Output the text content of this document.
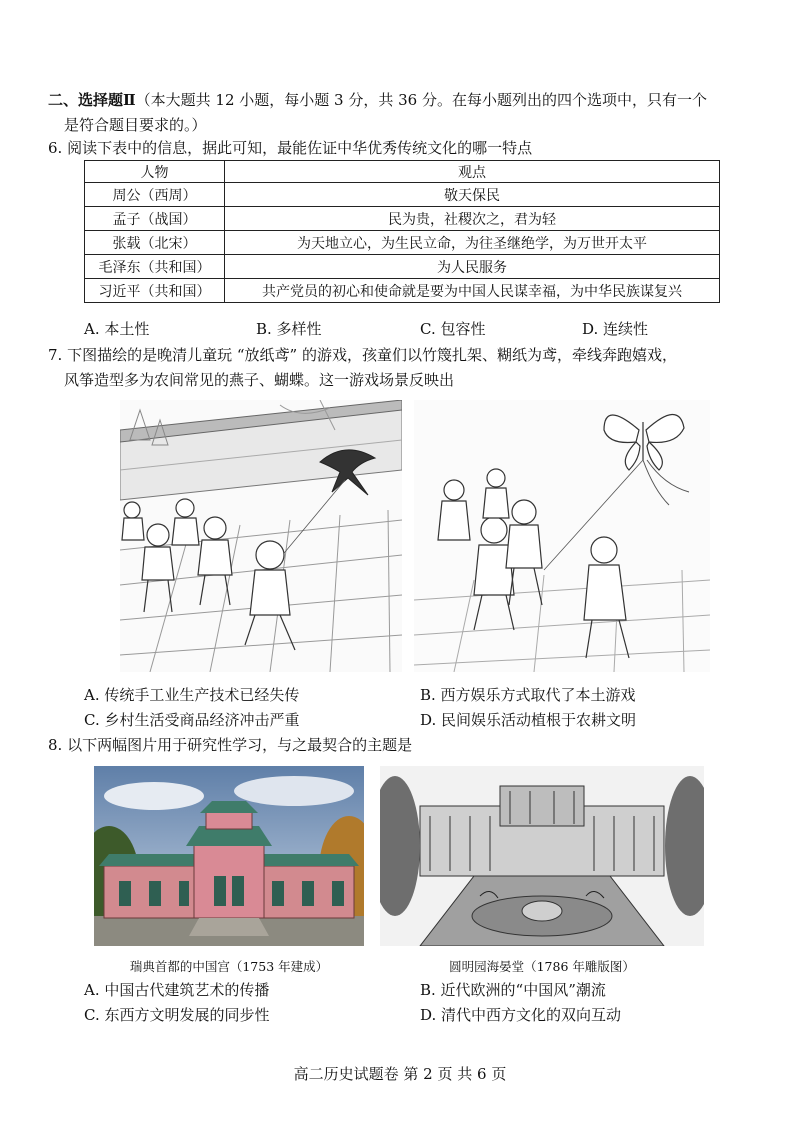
二、选择题Ⅱ（本大题共 12 小题，每小题 3 分，共 36 分。在每小题列出的四个选项中，只有一个
是符合题目要求的。）
6. 阅读下表中的信息，据此可知，最能佐证中华优秀传统文化的哪一特点
人物	观点
周公（西周）	敬天保民
孟子（战国）	民为贵，社稷次之，君为轻
张载（北宋）	为天地立心，为生民立命，为往圣继绝学，为万世开太平
毛泽东（共和国）	为人民服务
习近平（共和国）	共产党员的初心和使命就是要为中国人民谋幸福，为中华民族谋复兴
A. 本土性	B. 多样性	C. 包容性	D. 连续性
7. 下图描绘的是晚清儿童玩 “放纸鸢” 的游戏，孩童们以竹篾扎架、糊纸为鸢，牵线奔跑嬉戏，
风筝造型多为农间常见的燕子、蝴蝶。这一游戏场景反映出
A. 传统手工业生产技术已经失传	B. 西方娱乐方式取代了本土游戏
C. 乡村生活受商品经济冲击严重	D. 民间娱乐活动植根于农耕文明
8. 以下两幅图片用于研究性学习，与之最契合的主题是
瑞典首都的中国宫（1753 年建成）	圆明园海晏堂（1786 年雕版图）
A. 中国古代建筑艺术的传播	B. 近代欧洲的“中国风”潮流
C. 东西方文明发展的同步性	D. 清代中西方文化的双向互动
高二历史试题卷 第 2 页 共 6 页
